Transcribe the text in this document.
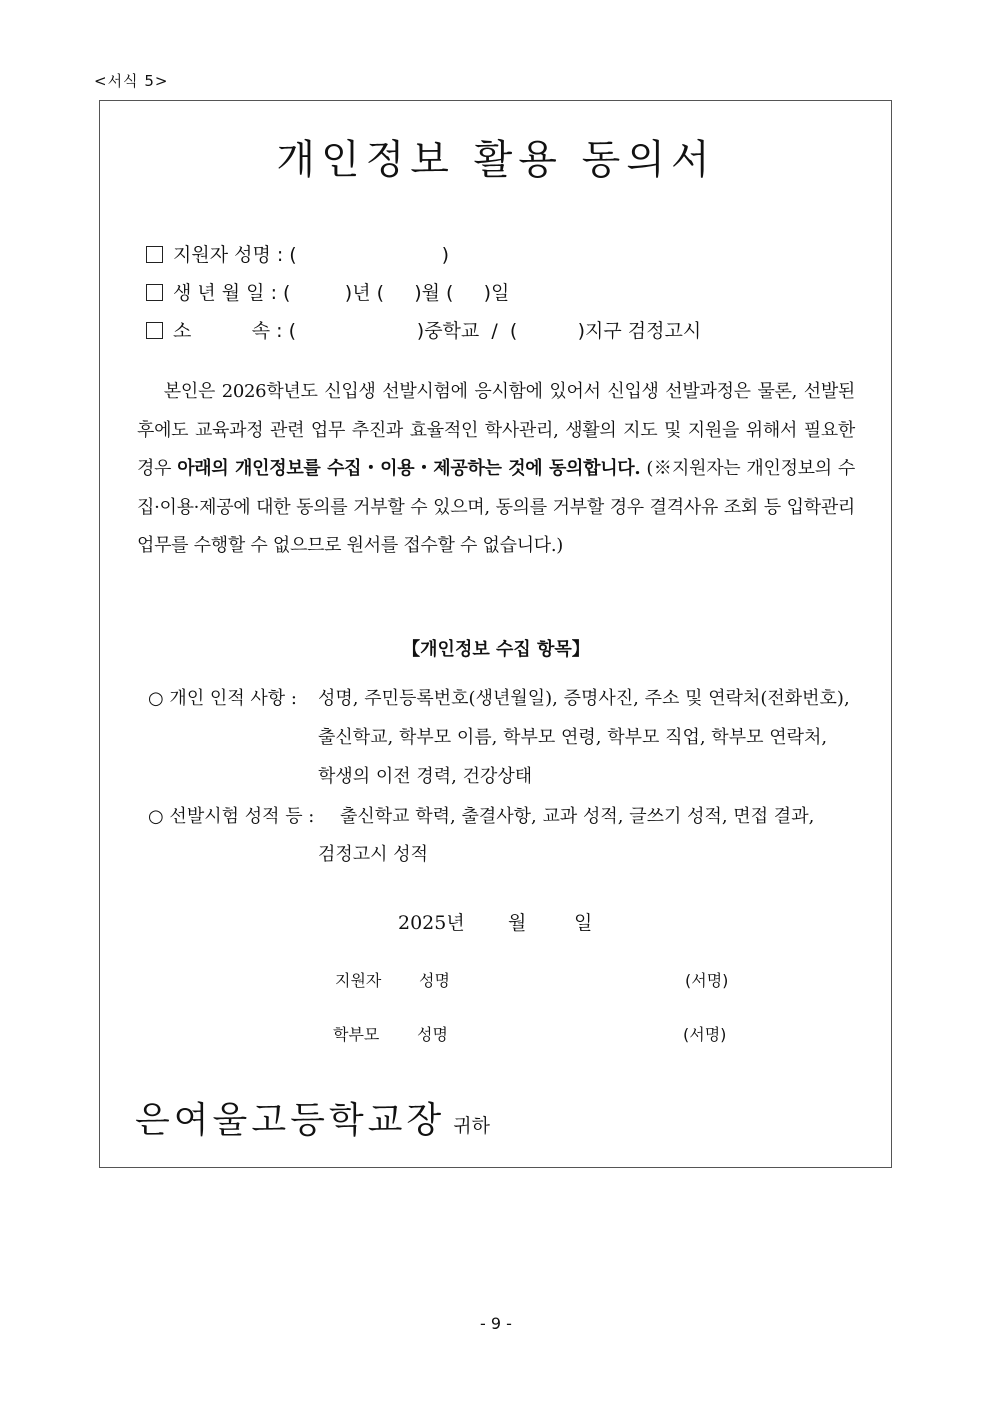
<서식 5>
개인정보 활용 동의서
지원자 성명 : (                        )
생 년 월 일 : (         )년 (     )월 (     )일
소          속 : (                    )중학교  /  (          )지구 검정고시
본인은 2026학년도 신입생 선발시험에 응시함에 있어서 신입생 선발과정은 물론, 선발된 후에도 교육과정 관련 업무 추진과 효율적인 학사관리, 생활의 지도 및 지원을 위해서 필요한 경우 아래의 개인정보를 수집・이용・제공하는 것에 동의합니다. (※지원자는 개인정보의 수집·이용·제공에 대한 동의를 거부할 수 있으며, 동의를 거부할 경우 결격사유 조회 등 입학관리 업무를 수행할 수 없으므로 원서를 접수할 수 없습니다.)
【개인정보 수집 항목】
○ 개인 인적 사항 : 성명, 주민등록번호(생년월일), 증명사진, 주소 및 연락처(전화번호),
출신학교, 학부모 이름, 학부모 연령, 학부모 직업, 학부모 연락처,
학생의 이전 경력, 건강상태
○ 선발시험 성적 등 : 출신학교 학력, 출결사항, 교과 성적, 글쓰기 성적, 면접 결과,
검정고시 성적
2025년 월	일
지원자 성명	(서명)
학부모 성명	(서명)
은여울고등학교장 귀하
- 9 -
